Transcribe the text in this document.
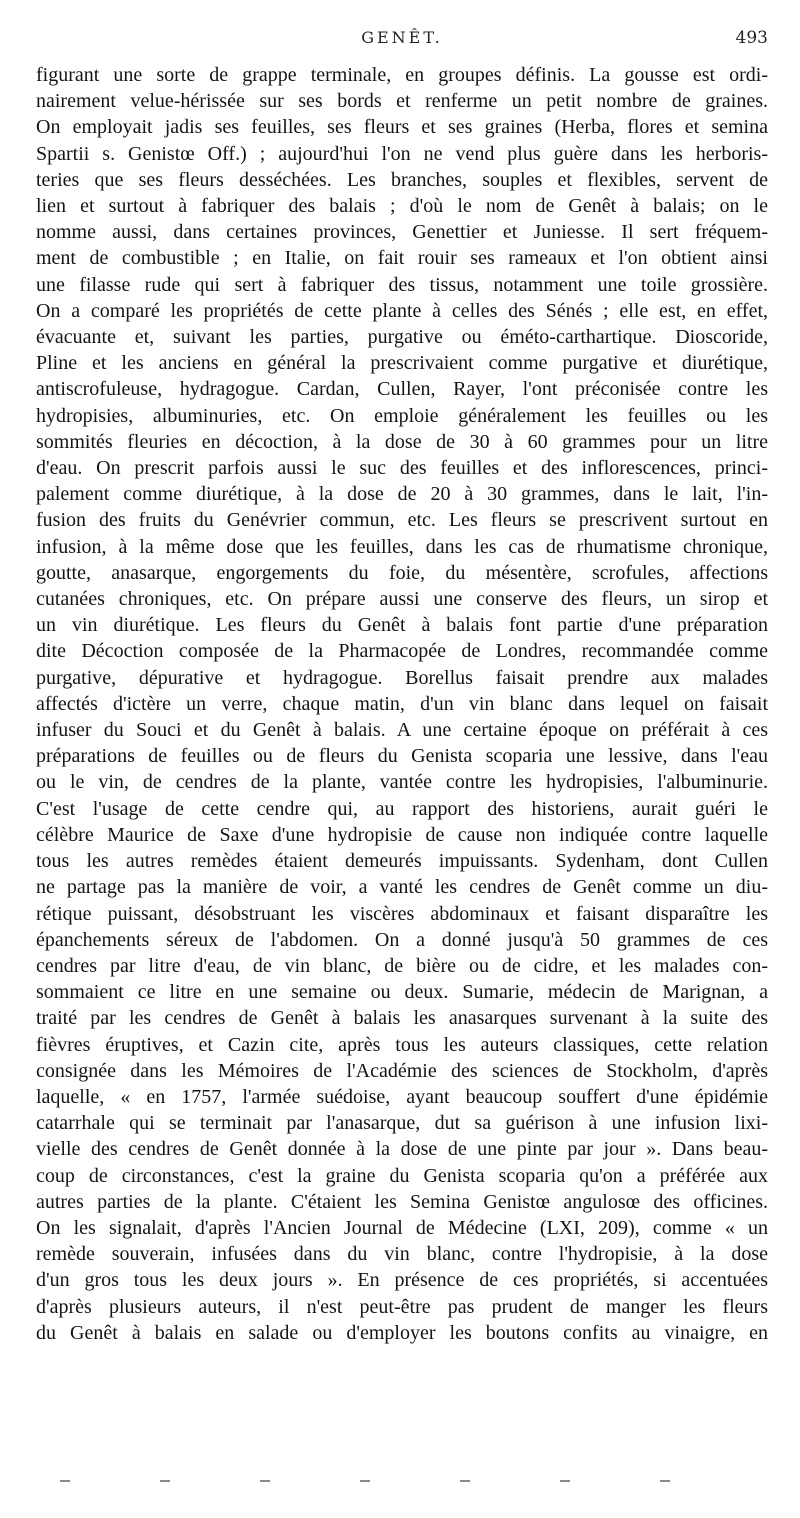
GENÊT.	493
figurant une sorte de grappe terminale, en groupes définis. La gousse est ordi-
nairement velue-hérissée sur ses bords et renferme un petit nombre de graines.
On employait jadis ses feuilles, ses fleurs et ses graines (Herba, flores et semina
Spartii s. Genistœ Off.) ; aujourd'hui l'on ne vend plus guère dans les herboris-
teries que ses fleurs desséchées. Les branches, souples et flexibles, servent de
lien et surtout à fabriquer des balais ; d'où le nom de Genêt à balais; on le
nomme aussi, dans certaines provinces, Genettier et Juniesse. Il sert fréquem-
ment de combustible ; en Italie, on fait rouir ses rameaux et l'on obtient ainsi
une filasse rude qui sert à fabriquer des tissus, notamment une toile grossière.
On a comparé les propriétés de cette plante à celles des Sénés ; elle est, en effet,
évacuante et, suivant les parties, purgative ou éméto-carthartique. Dioscoride,
Pline et les anciens en général la prescrivaient comme purgative et diurétique,
antiscrofuleuse, hydragogue. Cardan, Cullen, Rayer, l'ont préconisée contre les
hydropisies, albuminuries, etc. On emploie généralement les feuilles ou les
sommités fleuries en décoction, à la dose de 30 à 60 grammes pour un litre
d'eau. On prescrit parfois aussi le suc des feuilles et des inflorescences, princi-
palement comme diurétique, à la dose de 20 à 30 grammes, dans le lait, l'in-
fusion des fruits du Genévrier commun, etc. Les fleurs se prescrivent surtout en
infusion, à la même dose que les feuilles, dans les cas de rhumatisme chronique,
goutte, anasarque, engorgements du foie, du mésentère, scrofules, affections
cutanées chroniques, etc. On prépare aussi une conserve des fleurs, un sirop et
un vin diurétique. Les fleurs du Genêt à balais font partie d'une préparation
dite Décoction composée de la Pharmacopée de Londres, recommandée comme
purgative, dépurative et hydragogue. Borellus faisait prendre aux malades
affectés d'ictère un verre, chaque matin, d'un vin blanc dans lequel on faisait
infuser du Souci et du Genêt à balais. A une certaine époque on préférait à ces
préparations de feuilles ou de fleurs du Genista scoparia une lessive, dans l'eau
ou le vin, de cendres de la plante, vantée contre les hydropisies, l'albuminurie.
C'est l'usage de cette cendre qui, au rapport des historiens, aurait guéri le
célèbre Maurice de Saxe d'une hydropisie de cause non indiquée contre laquelle
tous les autres remèdes étaient demeurés impuissants. Sydenham, dont Cullen
ne partage pas la manière de voir, a vanté les cendres de Genêt comme un diu-
rétique puissant, désobstruant les viscères abdominaux et faisant disparaître les
épanchements séreux de l'abdomen. On a donné jusqu'à 50 grammes de ces
cendres par litre d'eau, de vin blanc, de bière ou de cidre, et les malades con-
sommaient ce litre en une semaine ou deux. Sumarie, médecin de Marignan, a
traité par les cendres de Genêt à balais les anasarques survenant à la suite des
fièvres éruptives, et Cazin cite, après tous les auteurs classiques, cette relation
consignée dans les Mémoires de l'Académie des sciences de Stockholm, d'après
laquelle, « en 1757, l'armée suédoise, ayant beaucoup souffert d'une épidémie
catarrhale qui se terminait par l'anasarque, dut sa guérison à une infusion lixi-
vielle des cendres de Genêt donnée à la dose de une pinte par jour ». Dans beau-
coup de circonstances, c'est la graine du Genista scoparia qu'on a préférée aux
autres parties de la plante. C'étaient les Semina Genistœ angulosœ des officines.
On les signalait, d'après l'Ancien Journal de Médecine (LXI, 209), comme « un
remède souverain, infusées dans du vin blanc, contre l'hydropisie, à la dose
d'un gros tous les deux jours ». En présence de ces propriétés, si accentuées
d'après plusieurs auteurs, il n'est peut-être pas prudent de manger les fleurs
du Genêt à balais en salade ou d'employer les boutons confits au vinaigre, en
